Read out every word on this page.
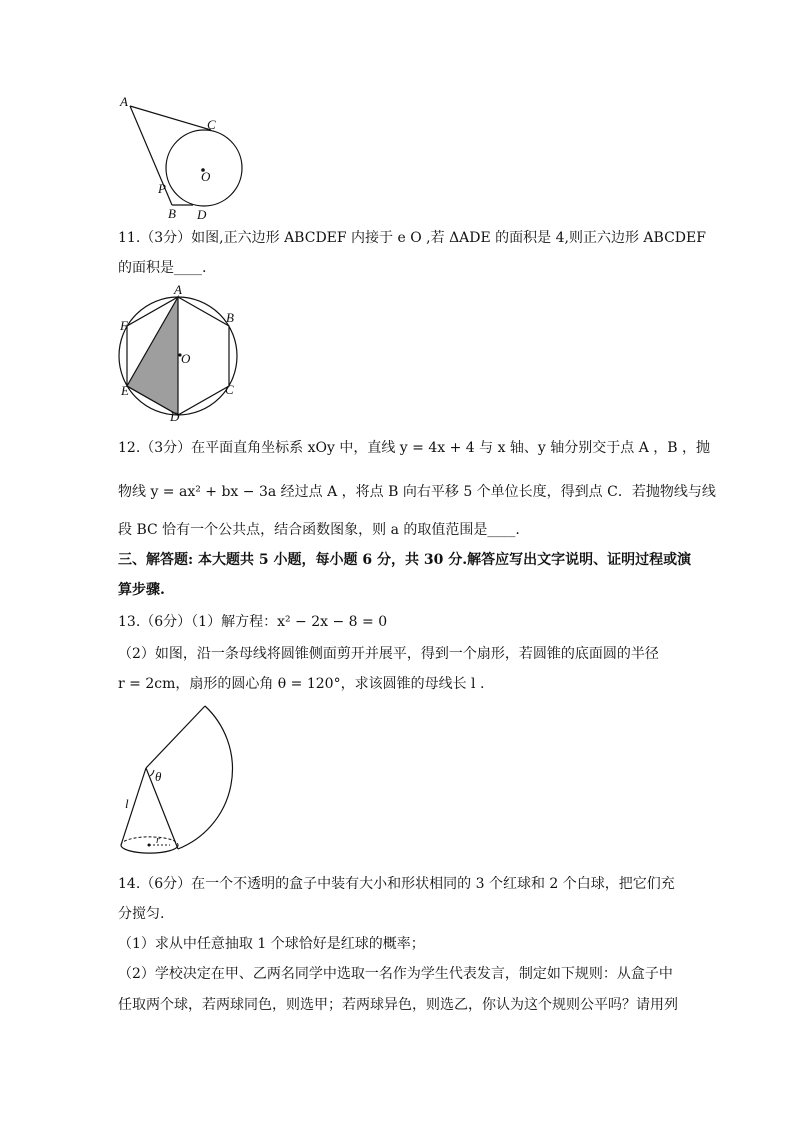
A
C
O
P
B D
11.（3分）如图,正六边形 ABCDEF 内接于 e O ,若 ΔADE 的面积是 4,则正六边形 ABCDEF
的面积是____.
A
B
C
D
E
F
O
12.（3分）在平面直角坐标系 xOy 中，直线 y = 4x + 4 与 x 轴、y 轴分别交于点 A ，B ，抛
物线 y = ax² + bx − 3a 经过点 A ，将点 B 向右平移 5 个单位长度，得到点 C．若抛物线与线
段 BC 恰有一个公共点，结合函数图象，则 a 的取值范围是____.
三、解答题: 本大题共 5 小题，每小题 6 分，共 30 分.解答应写出文字说明、证明过程或演
算步骤.
13.（6分）（1）解方程：x² − 2x − 8 = 0
（2）如图，沿一条母线将圆锥侧面剪开并展平，得到一个扇形，若圆锥的底面圆的半径
r = 2cm，扇形的圆心角 θ = 120°，求该圆锥的母线长 l .
θ
l
r
14.（6分）在一个不透明的盒子中装有大小和形状相同的 3 个红球和 2 个白球，把它们充
分搅匀.
（1）求从中任意抽取 1 个球恰好是红球的概率；
（2）学校决定在甲、乙两名同学中选取一名作为学生代表发言，制定如下规则：从盒子中
任取两个球，若两球同色，则选甲；若两球异色，则选乙，你认为这个规则公平吗？请用列
